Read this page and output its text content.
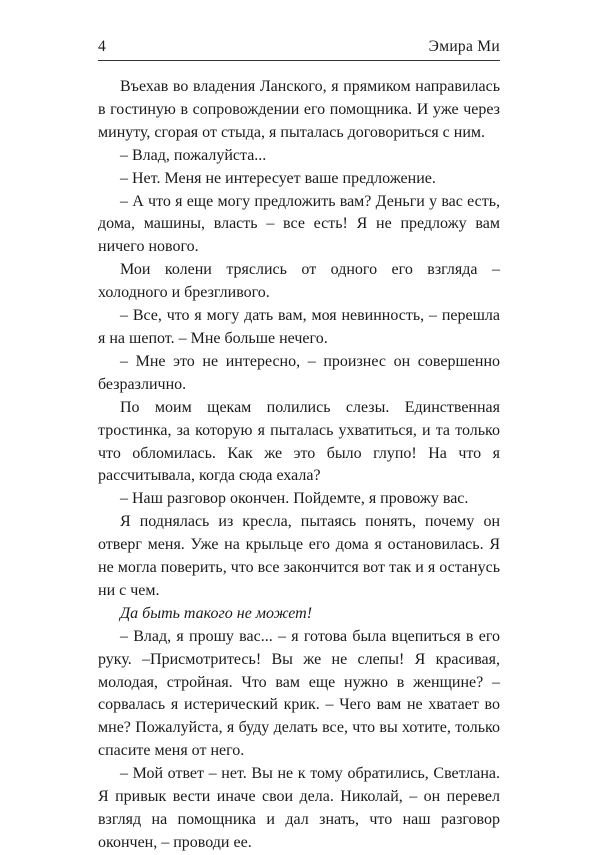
4	Эмира Ми

Въехав во владения Ланского, я прямиком направилась в гостиную в сопровождении его помощника. И уже через минуту, сгорая от стыда, я пыталась договориться с ним.

– Влад, пожалуйста...

– Нет. Меня не интересует ваше предложение.

– А что я еще могу предложить вам? Деньги у вас есть, дома, машины, власть – все есть! Я не предложу вам ничего нового.

Мои колени тряслись от одного его взгляда – холодного и брезгливого.

– Все, что я могу дать вам, моя невинность, – перешла я на шепот. – Мне больше нечего.

– Мне это не интересно, – произнес он совершенно безразлично.

По моим щекам полились слезы. Единственная тростинка, за которую я пыталась ухватиться, и та только что обломилась. Как же это было глупо! На что я рассчитывала, когда сюда ехала?

– Наш разговор окончен. Пойдемте, я провожу вас.

Я поднялась из кресла, пытаясь понять, почему он отверг меня. Уже на крыльце его дома я остановилась. Я не могла поверить, что все закончится вот так и я останусь ни с чем.

Да быть такого не может!

– Влад, я прошу вас... – я готова была вцепиться в его руку. –Присмотритесь! Вы же не слепы! Я красивая, молодая, стройная. Что вам еще нужно в женщине? – сорвалась я истерический крик. – Чего вам не хватает во мне? Пожалуйста, я буду делать все, что вы хотите, только спасите меня от него.

– Мой ответ – нет. Вы не к тому обратились, Светлана. Я привык вести иначе свои дела. Николай, – он перевел взгляд на помощника и дал знать, что наш разговор окончен, – проводи ее.
